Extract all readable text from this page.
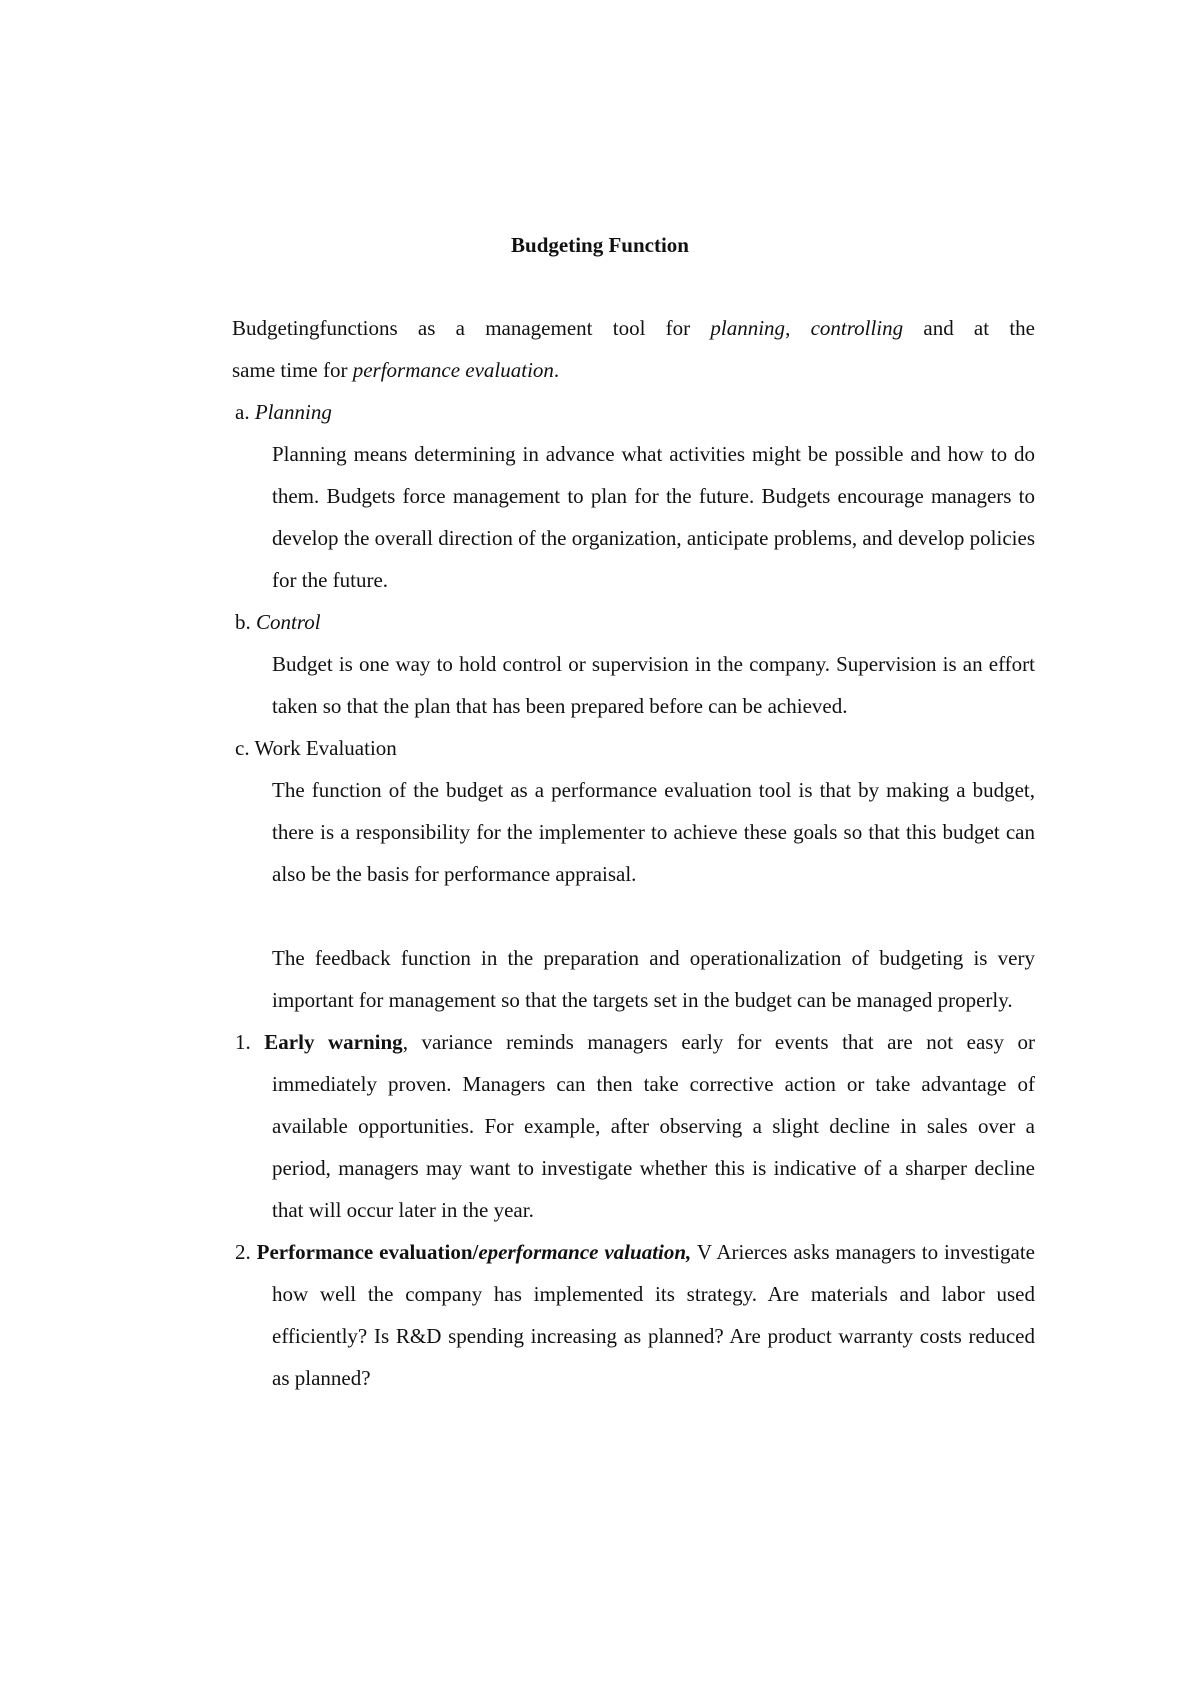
Budgeting Function

Budgetingfunctions as a management tool for planning, controlling and at the

same time for performance evaluation.

a. Planning

Planning means determining in advance what activities might be possible and how to do them. Budgets force management to plan for the future. Budgets encourage managers to develop the overall direction of the organization, anticipate problems, and develop policies for the future.

b. Control

Budget is one way to hold control or supervision in the company. Supervision is an effort taken so that the plan that has been prepared before can be achieved.

c. Work Evaluation

The function of the budget as a performance evaluation tool is that by making a budget, there is a responsibility for the implementer to achieve these goals so that this budget can also be the basis for performance appraisal.

The feedback function in the preparation and operationalization of budgeting is very important for management so that the targets set in the budget can be managed properly.

1. Early warning, variance reminds managers early for events that are not easy or immediately proven. Managers can then take corrective action or take advantage of available opportunities. For example, after observing a slight decline in sales over a period, managers may want to investigate whether this is indicative of a sharper decline that will occur later in the year.

2. Performance evaluation/eperformance valuation, V Arierces asks managers to investigate how well the company has implemented its strategy. Are materials and labor used efficiently? Is R&D spending increasing as planned? Are product warranty costs reduced as planned?
